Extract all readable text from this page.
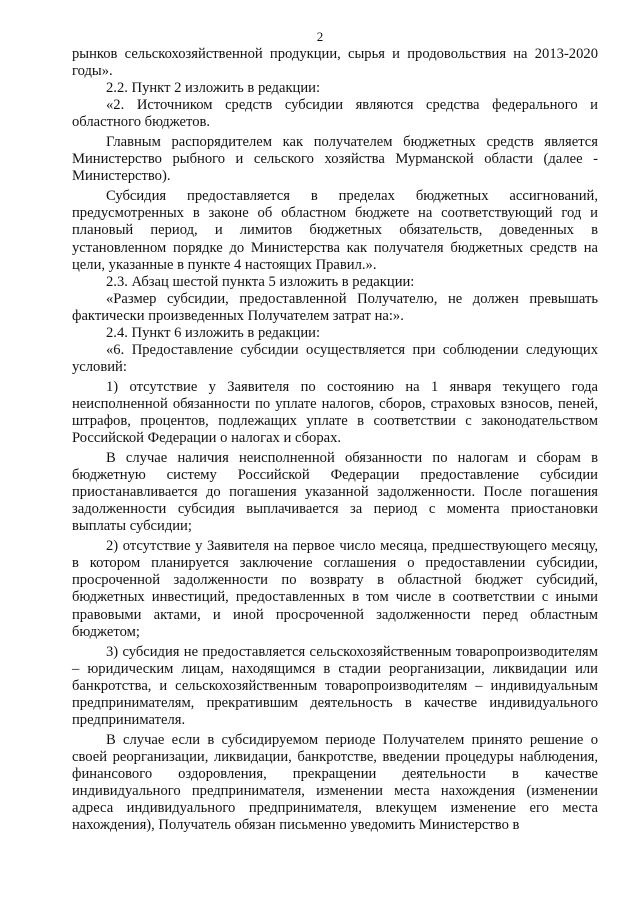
2

рынков сельскохозяйственной продукции, сырья и продовольствия на 2013-2020 годы».

2.2. Пункт 2 изложить в редакции:

«2. Источником средств субсидии являются средства федерального и областного бюджетов.

Главным распорядителем как получателем бюджетных средств является Министерство рыбного и сельского хозяйства Мурманской области (далее - Министерство).

Субсидия предоставляется в пределах бюджетных ассигнований, предусмотренных в законе об областном бюджете на соответствующий год и плановый период, и лимитов бюджетных обязательств, доведенных в установленном порядке до Министерства как получателя бюджетных средств на цели, указанные в пункте 4 настоящих Правил.».

2.3. Абзац шестой пункта 5 изложить в редакции:

«Размер субсидии, предоставленной Получателю, не должен превышать фактически произведенных Получателем затрат на:».

2.4. Пункт 6 изложить в редакции:

«6. Предоставление субсидии осуществляется при соблюдении следующих условий:

1) отсутствие у Заявителя по состоянию на 1 января текущего года неисполненной обязанности по уплате налогов, сборов, страховых взносов, пеней, штрафов, процентов, подлежащих уплате в соответствии с законодательством Российской Федерации о налогах и сборах.

В случае наличия неисполненной обязанности по налогам и сборам в бюджетную систему Российской Федерации предоставление субсидии приостанавливается до погашения указанной задолженности. После погашения задолженности субсидия выплачивается за период с момента приостановки выплаты субсидии;

2) отсутствие у Заявителя на первое число месяца, предшествующего месяцу, в котором планируется заключение соглашения о предоставлении субсидии, просроченной задолженности по возврату в областной бюджет субсидий, бюджетных инвестиций, предоставленных в том числе в соответствии с иными правовыми актами, и иной просроченной задолженности перед областным бюджетом;

3) субсидия не предоставляется сельскохозяйственным товаропроизводителям – юридическим лицам, находящимся в стадии реорганизации, ликвидации или банкротства, и сельскохозяйственным товаропроизводителям – индивидуальным предпринимателям, прекратившим деятельность в качестве индивидуального предпринимателя.

В случае если в субсидируемом периоде Получателем принято решение о своей реорганизации, ликвидации, банкротстве, введении процедуры наблюдения, финансового оздоровления, прекращении деятельности в качестве индивидуального предпринимателя, изменении места нахождения (изменении адреса индивидуального предпринимателя, влекущем изменение его места нахождения), Получатель обязан письменно уведомить Министерство в
